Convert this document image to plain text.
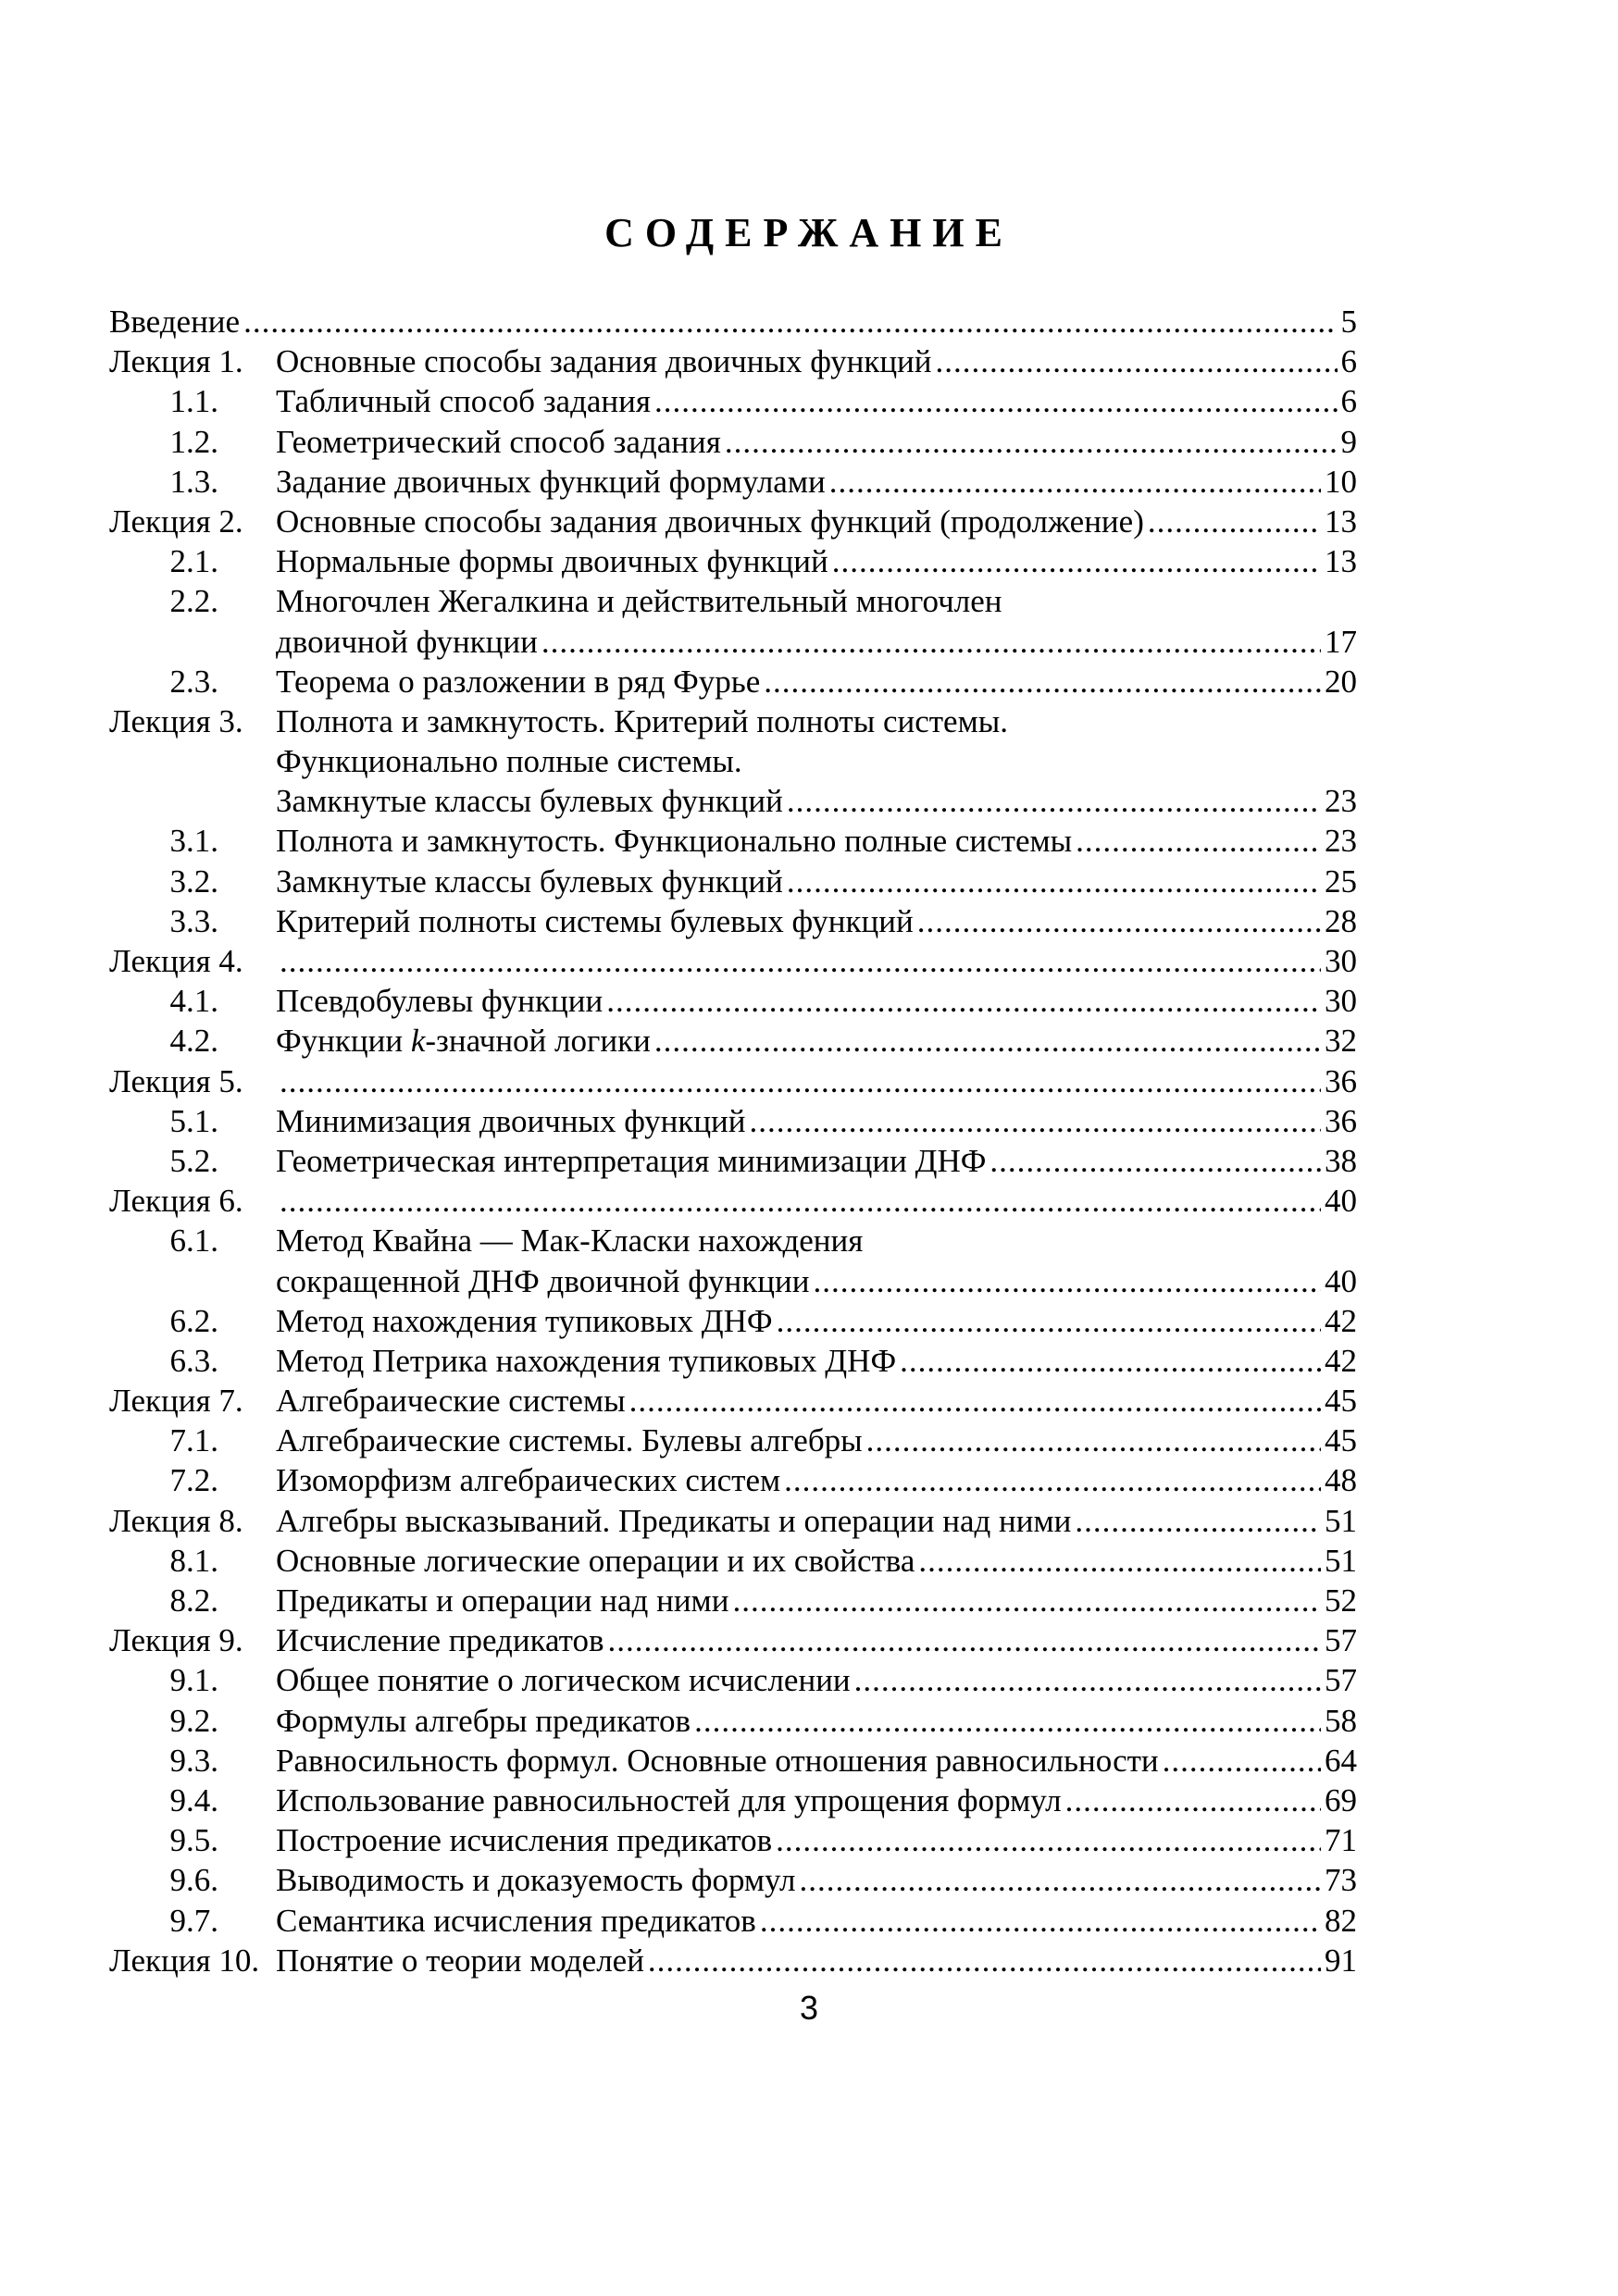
СОДЕРЖАНИЕ
Введение .....	5
Лекция 1.	Основные способы задания двоичных функций .....	6
1.1. Табличный способ задания .....	6
1.2. Геометрический способ задания .....	9
1.3. Задание двоичных функций формулами .....	10
Лекция 2.	Основные способы задания двоичных функций (продолжение) .....	13
2.1. Нормальные формы двоичных функций .....	13
2.2. Многочлен Жегалкина и действительный многочлен
двоичной функции .....	17
2.3. Теорема о разложении в ряд Фурье .....	20
Лекция 3.	Полнота и замкнутость. Критерий полноты системы.
Функционально полные системы.
Замкнутые классы булевых функций .....	23
3.1. Полнота и замкнутость. Функционально полные системы .....	23
3.2. Замкнутые классы булевых функций .....	25
3.3. Критерий полноты системы булевых функций .....	28
Лекция 4. .....	30
4.1. Псевдобулевы функции .....	30
4.2. Функции k-значной логики .....	32
Лекция 5. .....	36
5.1. Минимизация двоичных функций .....	36
5.2. Геометрическая интерпретация минимизации ДНФ .....	38
Лекция 6. .....	40
6.1. Метод Квайна — Мак-Класки нахождения
сокращенной ДНФ двоичной функции .....	40
6.2. Метод нахождения тупиковых ДНФ .....	42
6.3. Метод Петрика нахождения тупиковых ДНФ .....	42
Лекция 7.	Алгебраические системы .....	45
7.1. Алгебраические системы. Булевы алгебры .....	45
7.2. Изоморфизм алгебраических систем .....	48
Лекция 8.	Алгебры высказываний. Предикаты и операции над ними .....	51
8.1. Основные логические операции и их свойства .....	51
8.2. Предикаты и операции над ними .....	52
Лекция 9.	Исчисление предикатов .....	57
9.1. Общее понятие о логическом исчислении .....	57
9.2. Формулы алгебры предикатов .....	58
9.3. Равносильность формул. Основные отношения равносильности .....	64
9.4. Использование равносильностей для упрощения формул .....	69
9.5. Построение исчисления предикатов .....	71
9.6. Выводимость и доказуемость формул .....	73
9.7. Семантика исчисления предикатов .....	82
Лекция 10. Понятие о теории моделей .....	91
3
